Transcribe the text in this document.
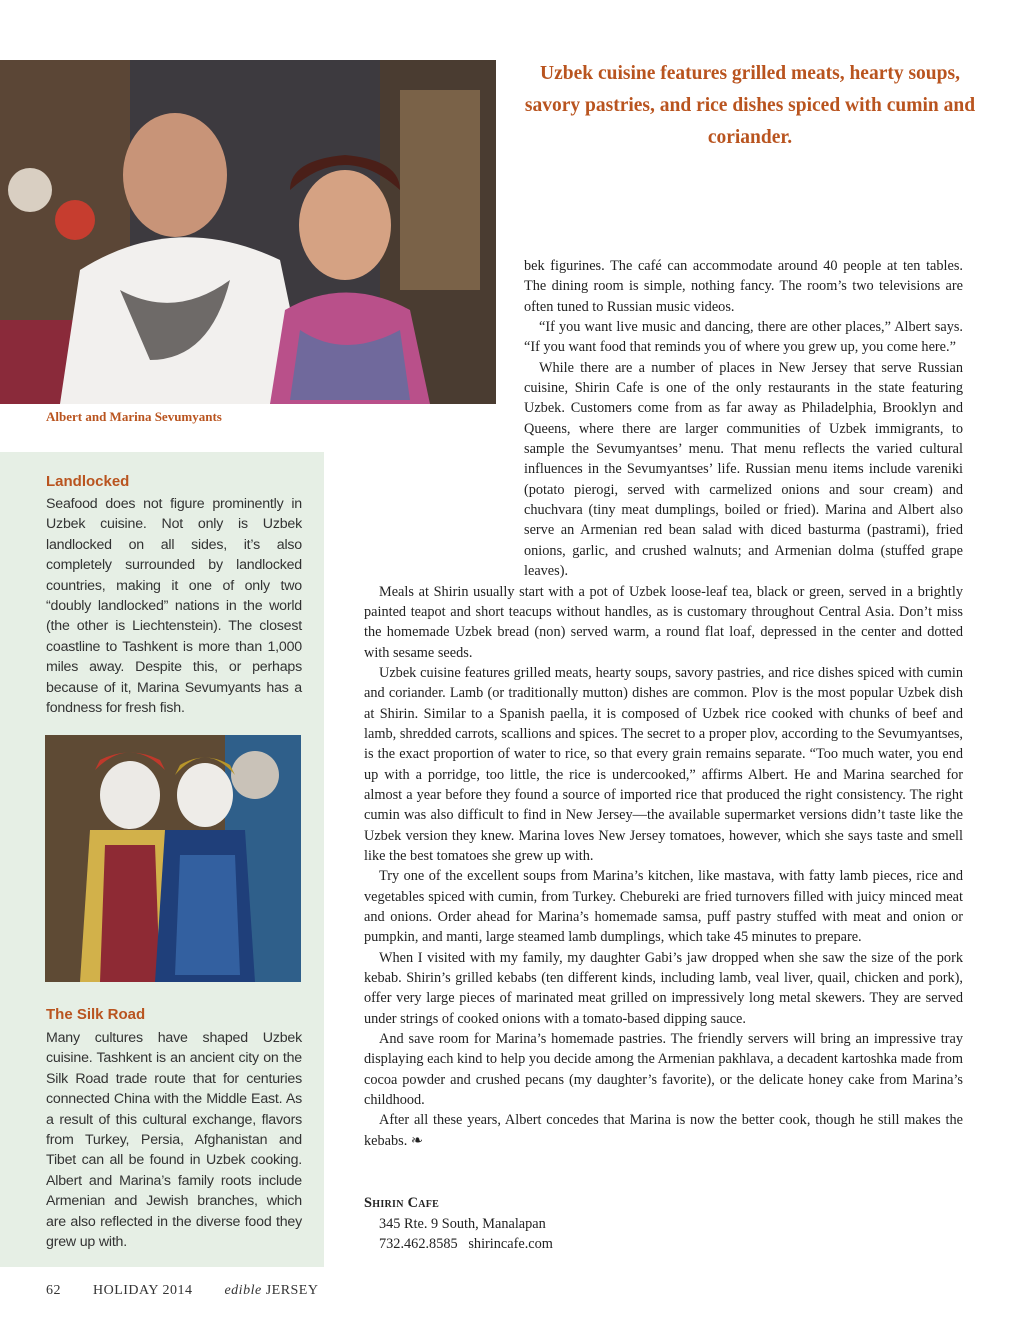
Albert and Marina Sevumyants
Uzbek cuisine features grilled meats, hearty soups, savory pastries, and rice dishes spiced with cumin and coriander.
Landlocked
Seafood does not figure prominently in Uzbek cuisine. Not only is Uzbek landlocked on all sides, it’s also completely surrounded by landlocked countries, making it one of only two “doubly landlocked” nations in the world (the other is Liechtenstein). The closest coastline to Tashkent is more than 1,000 miles away. Despite this, or perhaps because of it, Marina Sevumyants has a fondness for fresh fish.
The Silk Road
Many cultures have shaped Uzbek cuisine. Tashkent is an ancient city on the Silk Road trade route that for centuries connected China with the Middle East. As a result of this cultural exchange, flavors from Turkey, Persia, Afghanistan and Tibet can all be found in Uzbek cooking. Albert and Marina’s family roots include Armenian and Jewish branches, which are also reflected in the diverse food they grew up with.

bek figurines. The café can accommodate around 40 people at ten tables. The dining room is simple, nothing fancy. The room’s two televisions are often tuned to Russian music videos.

“If you want live music and dancing, there are other places,” Albert says. “If you want food that reminds you of where you grew up, you come here.”

While there are a number of places in New Jersey that serve Russian cuisine, Shirin Cafe is one of the only restaurants in the state featuring Uzbek. Customers come from as far away as Philadelphia, Brooklyn and Queens, where there are larger communities of Uzbek immigrants, to sample the Sevumyantses’ menu. That menu reflects the varied cultural influences in the Sevumyantses’ life. Russian menu items include vareniki (potato pierogi, served with carmelized onions and sour cream) and chuchvara (tiny meat dumplings, boiled or fried). Marina and Albert also serve an Armenian red bean salad with diced basturma (pastrami), fried onions, garlic, and crushed walnuts; and Armenian dolma (stuffed grape leaves).

Meals at Shirin usually start with a pot of Uzbek loose-leaf tea, black or green, served in a brightly painted teapot and short teacups without handles, as is customary throughout Central Asia. Don’t miss the homemade Uzbek bread (non) served warm, a round flat loaf, depressed in the center and dotted with sesame seeds.

Uzbek cuisine features grilled meats, hearty soups, savory pastries, and rice dishes spiced with cumin and coriander. Lamb (or traditionally mutton) dishes are common. Plov is the most popular Uzbek dish at Shirin. Similar to a Spanish paella, it is composed of Uzbek rice cooked with chunks of beef and lamb, shredded carrots, scallions and spices. The secret to a proper plov, according to the Sevumyantses, is the exact proportion of water to rice, so that every grain remains separate. “Too much water, you end up with a porridge, too little, the rice is undercooked,” affirms Albert. He and Marina searched for almost a year before they found a source of imported rice that produced the right consistency. The right cumin was also difficult to find in New Jersey—the available supermarket versions didn’t taste like the Uzbek version they knew. Marina loves New Jersey tomatoes, however, which she says taste and smell like the best tomatoes she grew up with.

Try one of the excellent soups from Marina’s kitchen, like mastava, with fatty lamb pieces, rice and vegetables spiced with cumin, from Turkey. Chebureki are fried turnovers filled with juicy minced meat and onions. Order ahead for Marina’s homemade samsa, puff pastry stuffed with meat and onion or pumpkin, and manti, large steamed lamb dumplings, which take 45 minutes to prepare.

When I visited with my family, my daughter Gabi’s jaw dropped when she saw the size of the pork kebab. Shirin’s grilled kebabs (ten different kinds, including lamb, veal liver, quail, chicken and pork), offer very large pieces of marinated meat grilled on impressively long metal skewers. They are served under strings of cooked onions with a tomato-based dipping sauce.

And save room for Marina’s homemade pastries. The friendly servers will bring an impressive tray displaying each kind to help you decide among the Armenian pakhlava, a decadent kartoshka made from cocoa powder and crushed pecans (my daughter’s favorite), or the delicate honey cake from Marina’s childhood.

After all these years, Albert concedes that Marina is now the better cook, though he still makes the kebabs. ❧

Shirin Cafe
345 Rte. 9 South, Manalapan
732.462.8585   shirincafe.com
62 HOLIDAY 2014 edible JERSEY
